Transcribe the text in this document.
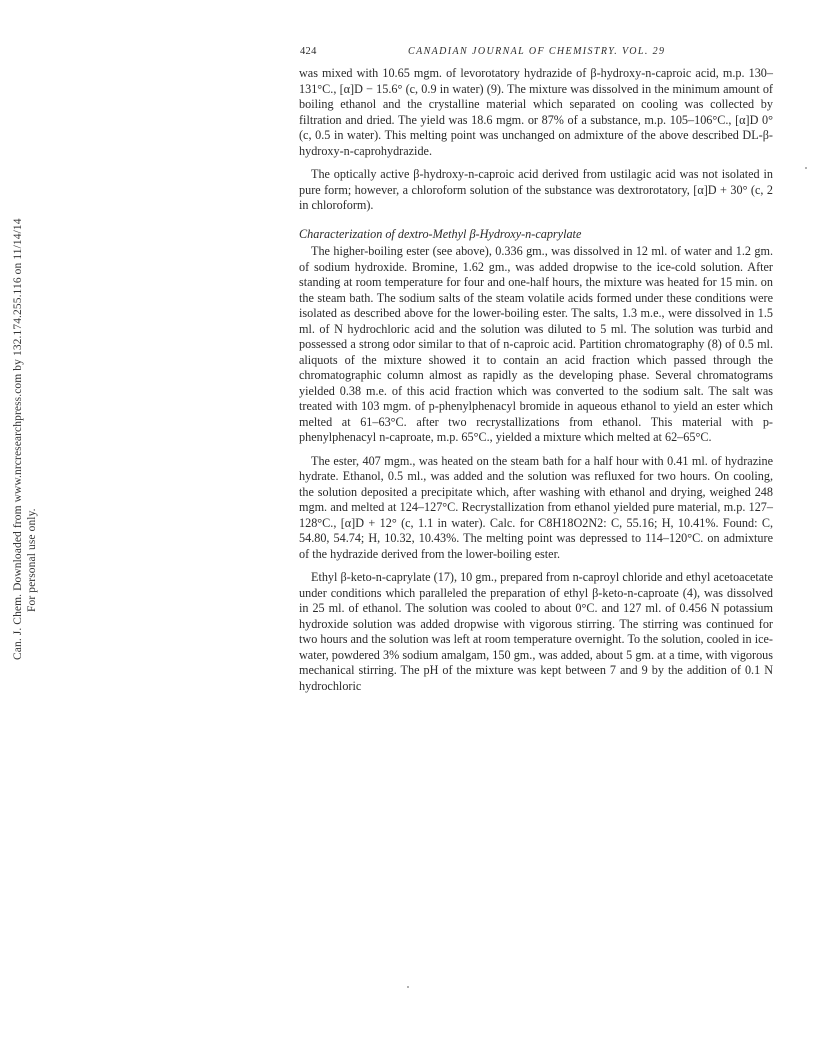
Can. J. Chem. Downloaded from www.nrcresearchpress.com by 132.174.255.116 on 11/14/14 For personal use only.
424	CANADIAN JOURNAL OF CHEMISTRY. VOL. 29

was mixed with 10.65 mgm. of levorotatory hydrazide of β-hydroxy-n-caproic acid, m.p. 130–131°C., [α]D − 15.6° (c, 0.9 in water) (9). The mixture was dissolved in the minimum amount of boiling ethanol and the crystalline material which separated on cooling was collected by filtration and dried. The yield was 18.6 mgm. or 87% of a substance, m.p. 105–106°C., [α]D 0° (c, 0.5 in water). This melting point was unchanged on admixture of the above described DL-β-hydroxy-n-caprohydrazide.

The optically active β-hydroxy-n-caproic acid derived from ustilagic acid was not isolated in pure form; however, a chloroform solution of the substance was dextrorotatory, [α]D + 30° (c, 2 in chloroform).

Characterization of dextro-Methyl β-Hydroxy-n-caprylate

The higher-boiling ester (see above), 0.336 gm., was dissolved in 12 ml. of water and 1.2 gm. of sodium hydroxide. Bromine, 1.62 gm., was added dropwise to the ice-cold solution. After standing at room temperature for four and one-half hours, the mixture was heated for 15 min. on the steam bath. The sodium salts of the steam volatile acids formed under these conditions were isolated as described above for the lower-boiling ester. The salts, 1.3 m.e., were dissolved in 1.5 ml. of N hydrochloric acid and the solution was diluted to 5 ml. The solution was turbid and possessed a strong odor similar to that of n-caproic acid. Partition chromatography (8) of 0.5 ml. aliquots of the mixture showed it to contain an acid fraction which passed through the chromatographic column almost as rapidly as the developing phase. Several chromatograms yielded 0.38 m.e. of this acid fraction which was converted to the sodium salt. The salt was treated with 103 mgm. of p-phenylphenacyl bromide in aqueous ethanol to yield an ester which melted at 61–63°C. after two recrystallizations from ethanol. This material with p-phenylphenacyl n-caproate, m.p. 65°C., yielded a mixture which melted at 62–65°C.

The ester, 407 mgm., was heated on the steam bath for a half hour with 0.41 ml. of hydrazine hydrate. Ethanol, 0.5 ml., was added and the solution was refluxed for two hours. On cooling, the solution deposited a precipitate which, after washing with ethanol and drying, weighed 248 mgm. and melted at 124–127°C. Recrystallization from ethanol yielded pure material, m.p. 127–128°C., [α]D + 12° (c, 1.1 in water). Calc. for C8H18O2N2: C, 55.16; H, 10.41%. Found: C, 54.80, 54.74; H, 10.32, 10.43%. The melting point was depressed to 114–120°C. on admixture of the hydrazide derived from the lower-boiling ester.

Ethyl β-keto-n-caprylate (17), 10 gm., prepared from n-caproyl chloride and ethyl acetoacetate under conditions which paralleled the preparation of ethyl β-keto-n-caproate (4), was dissolved in 25 ml. of ethanol. The solution was cooled to about 0°C. and 127 ml. of 0.456 N potassium hydroxide solution was added dropwise with vigorous stirring. The stirring was continued for two hours and the solution was left at room temperature overnight. To the solution, cooled in ice-water, powdered 3% sodium amalgam, 150 gm., was added, about 5 gm. at a time, with vigorous mechanical stirring. The pH of the mixture was kept between 7 and 9 by the addition of 0.1 N hydrochloric
